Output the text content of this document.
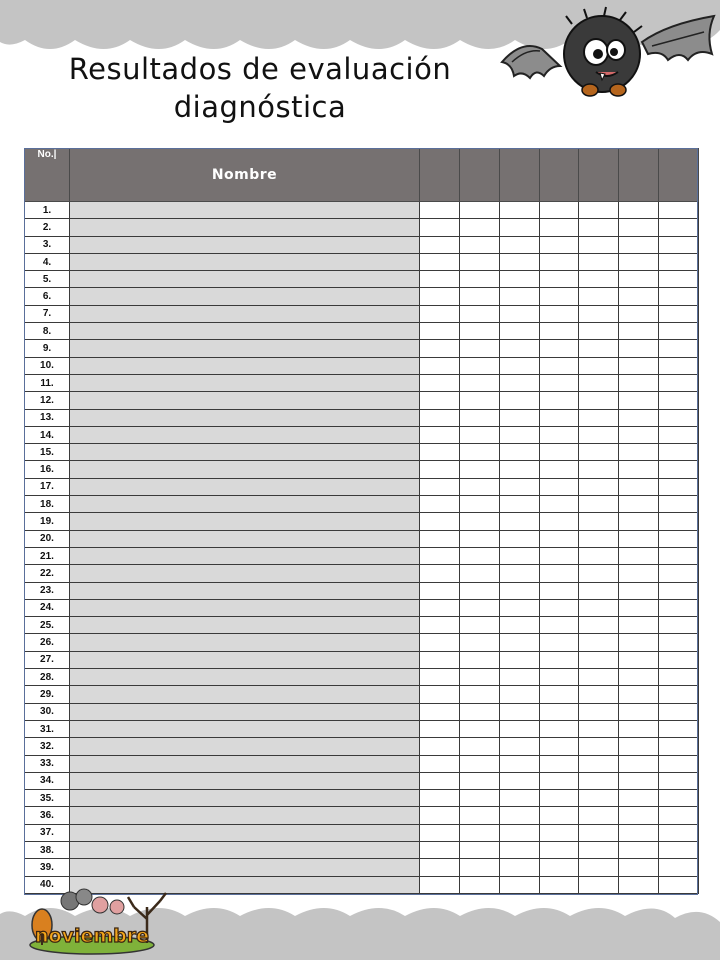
Resultados de evaluación
diagnóstica
No.|	Nombre							
1.								
2.								
3.								
4.								
5.								
6.								
7.								
8.								
9.								
10.								
11.								
12.								
13.								
14.								
15.								
16.								
17.								
18.								
19.								
20.								
21.								
22.								
23.								
24.								
25.								
26.								
27.								
28.								
29.								
30.								
31.								
32.								
33.								
34.								
35.								
36.								
37.								
38.								
39.								
40.								
noviembre
